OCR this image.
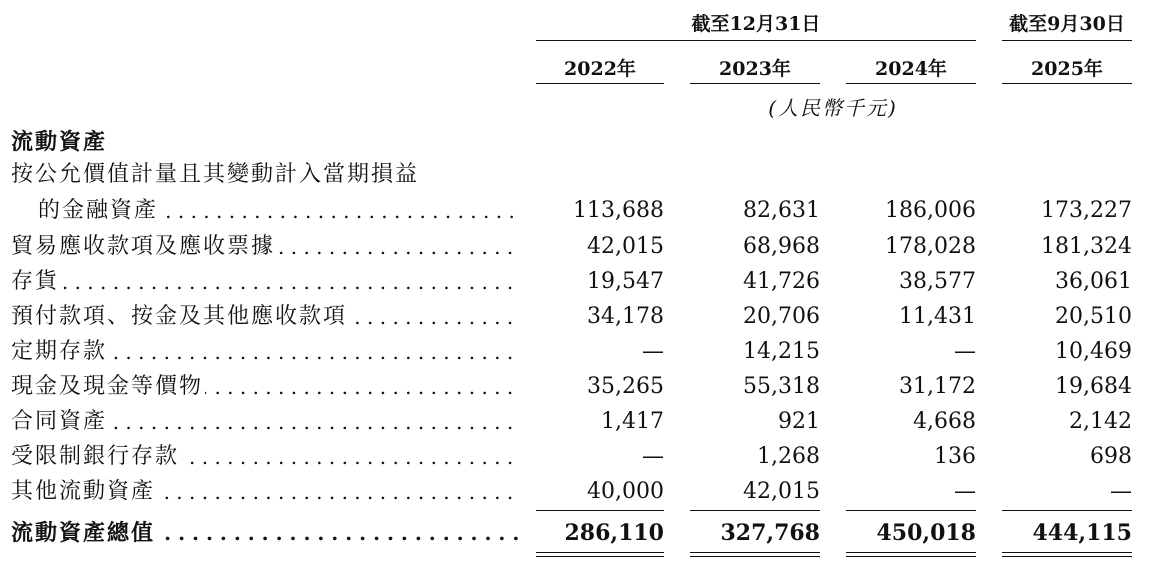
截至12月31日	截至9月30日
2022年	2023年	2024年	2025年
(人民幣千元)
流動資產
按公允價值計量且其變動計入當期損益
的金融資產 . . .	113,688	82,631	186,006	173,227
貿易應收款項及應收票據 . . .	42,015	68,968	178,028	181,324
存貨 . . .	19,547	41,726	38,577	36,061
預付款項、按金及其他應收款項 . . .	34,178	20,706	11,431	20,510
定期存款 . . .	—	14,215	—	10,469
現金及現金等價物 . . .	35,265	55,318	31,172	19,684
合同資產 . . .	1,417	921	4,668	2,142
受限制銀行存款 . . .	—	1,268	136	698
其他流動資產 . . .	40,000	42,015	—	—
流動資產總值 . . .	286,110	327,768	450,018	444,115
